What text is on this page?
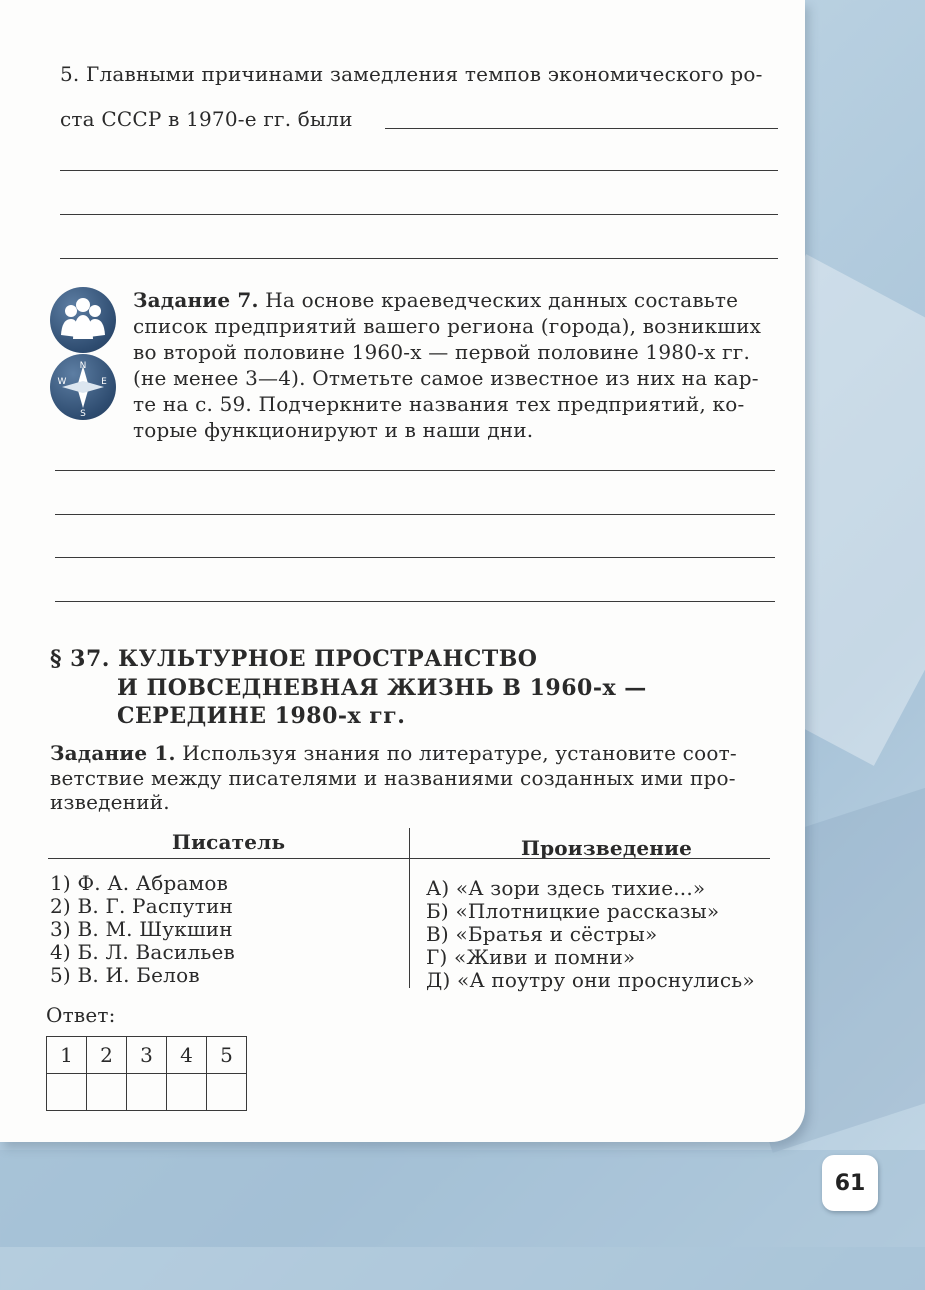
5. Главными причинами замедления темпов экономического ро-
ста СССР в 1970-е гг. были
N
W	E
S
Задание 7. На основе краеведческих данных составьте
список предприятий вашего региона (города), возникших
во второй половине 1960-х — первой половине 1980-х гг.
(не менее 3—4). Отметьте самое известное из них на кар-
те на с. 59. Подчеркните названия тех предприятий, ко-
торые функционируют и в наши дни.
§ 37. КУЛЬТУРНОЕ ПРОСТРАНСТВО
И ПОВСЕДНЕВНАЯ ЖИЗНЬ В 1960-х —
СЕРЕДИНЕ 1980-х гг.
Задание 1. Используя знания по литературе, установите соот-
ветствие между писателями и названиями созданных ими про-
изведений.
Писатель	Произведение
1) Ф. А. Абрамов
2) В. Г. Распутин
3) В. М. Шукшин
4) Б. Л. Васильев
5) В. И. Белов
А) «А зори здесь тихие...»
Б) «Плотницкие рассказы»
В) «Братья и сёстры»
Г) «Живи и помни»
Д) «А поутру они проснулись»
Ответ:
1	2	3	4	5

61
